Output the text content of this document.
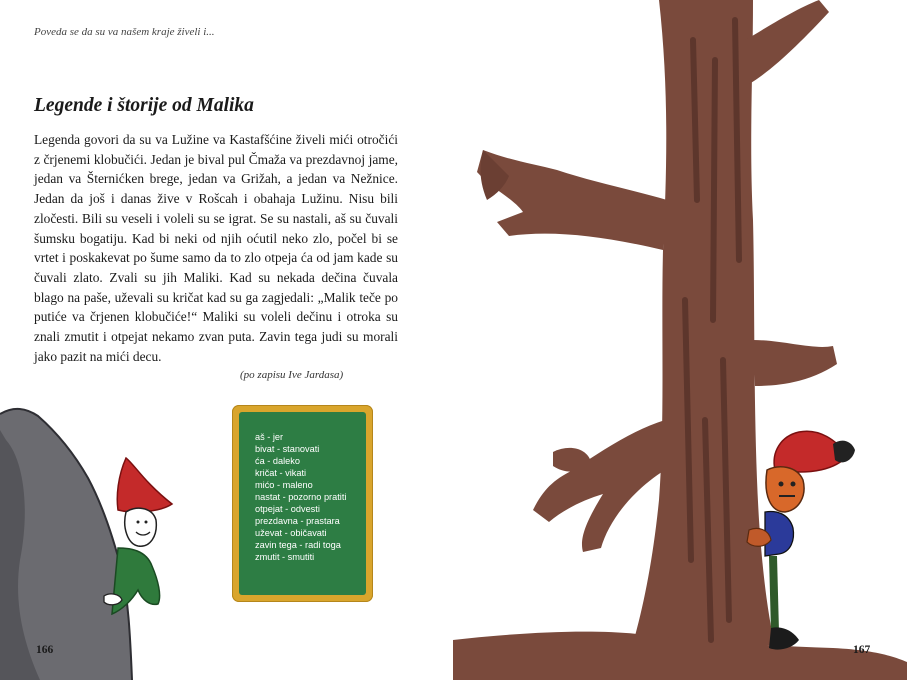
Poveda se da su va našem kraje živeli i...
Legende i štorije od Malika

Legenda govori da su va Lužine va Kastafšćine živeli mići otročići z črjenemi klobučići. Jedan je bival pul Čmaža va prezdavnoj jame, jedan va Šternićken brege, jedan va Grižah, a jedan va Nežnice. Jedan da još i danas žive v Rošcah i obahaja Lužinu. Nisu bili zločesti. Bili su veseli i voleli su se igrat. Se su nastali, aš su čuvali šumsku bogatiju. Kad bi neki od njih oćutil neko zlo, počel bi se vrtet i poskakevat po šume samo da to zlo otpeja ća od jam kade su čuvali zlato. Zvali su jih Maliki. Kad su nekada dečina čuvala blago na paše, uževali su kričat kad su ga zagjedali: „Malik teče po putiće va črjenen klobučiće!“ Maliki su voleli dečinu i otroka su znali zmutit i otpejat nekamo zvan puta. Zavin tega judi su morali jako pazit na mići decu.

(po zapisu Ive Jardasa)
aš - jer
bivat - stanovati
ća - daleko
kričat - vikati
mićo - maleno
nastat - pozorno pratiti
otpejat - odvesti
prezdavna - prastara
uževat - običavati
zavin tega - radi toga
zmutit - smutiti
167
166
